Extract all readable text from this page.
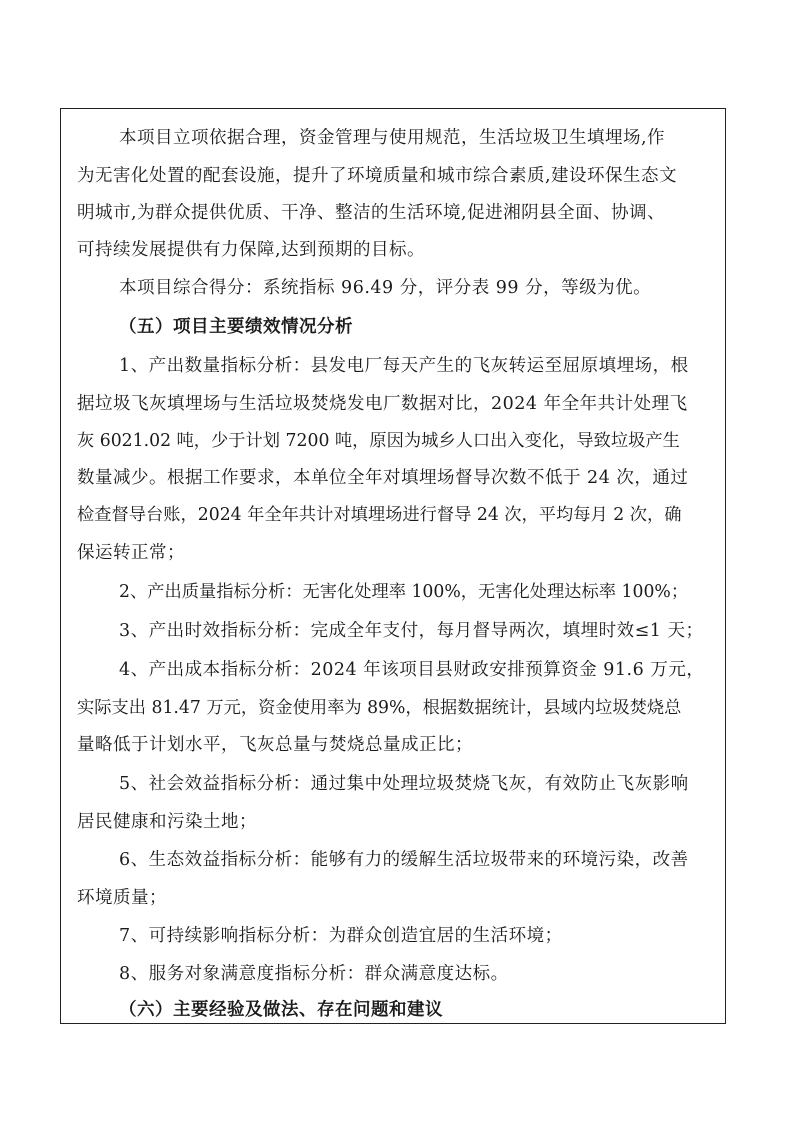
本项目立项依据合理，资金管理与使用规范，生活垃圾卫生填埋场,作
为无害化处置的配套设施，提升了环境质量和城市综合素质,建设环保生态文
明城市,为群众提供优质、干净、整洁的生活环境,促进湘阴县全面、协调、
可持续发展提供有力保障,达到预期的目标。
本项目综合得分：系统指标 96.49 分，评分表 99 分，等级为优。
（五）项目主要绩效情况分析
1、产出数量指标分析：县发电厂每天产生的飞灰转运至屈原填埋场，根
据垃圾飞灰填埋场与生活垃圾焚烧发电厂数据对比，2024 年全年共计处理飞
灰 6021.02 吨，少于计划 7200 吨，原因为城乡人口出入变化，导致垃圾产生
数量减少。根据工作要求，本单位全年对填埋场督导次数不低于 24 次，通过
检查督导台账，2024 年全年共计对填埋场进行督导 24 次，平均每月 2 次，确
保运转正常；
2、产出质量指标分析：无害化处理率 100%，无害化处理达标率 100%；
3、产出时效指标分析：完成全年支付，每月督导两次，填埋时效≤1 天；
4、产出成本指标分析：2024 年该项目县财政安排预算资金 91.6 万元，
实际支出 81.47 万元，资金使用率为 89%，根据数据统计，县域内垃圾焚烧总
量略低于计划水平，飞灰总量与焚烧总量成正比；
5、社会效益指标分析：通过集中处理垃圾焚烧飞灰，有效防止飞灰影响
居民健康和污染土地；
6、生态效益指标分析：能够有力的缓解生活垃圾带来的环境污染，改善
环境质量；
7、可持续影响指标分析：为群众创造宜居的生活环境；
8、服务对象满意度指标分析：群众满意度达标。
（六）主要经验及做法、存在问题和建议
